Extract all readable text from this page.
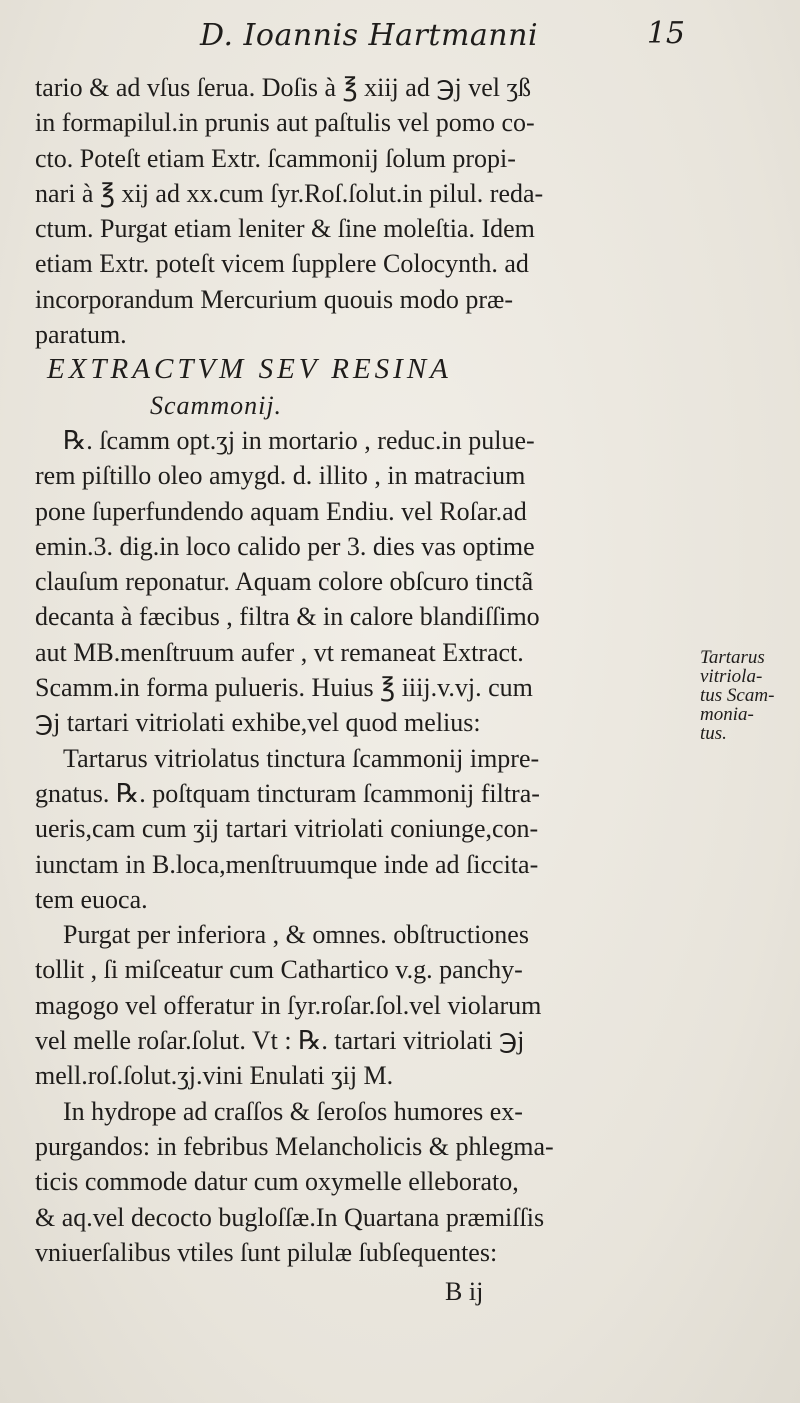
D. Ioannis Hartmanni	15
tario & ad vſus ſerua. Doſis à ℥ xiij ad ℈j vel ʒß
in formapilul.in prunis aut paſtulis vel pomo co-
cto. Poteſt etiam Extr. ſcammonij ſolum propi-
nari à ℥ xij ad xx.cum ſyr.Roſ.ſolut.in pilul. reda-
ctum. Purgat etiam leniter & ſine moleſtia. Idem
etiam Extr. poteſt vicem ſupplere Colocynth. ad
incorporandum Mercurium quouis modo præ-
paratum.
EXTRACTVM SEV RESINA
Scammonij.
℞. ſcamm opt.ʒj in mortario , reduc.in pulue-
rem piſtillo oleo amygd. d. illito , in matracium
pone ſuperfundendo aquam Endiu. vel Roſar.ad
emin.3. dig.in loco calido per 3. dies vas optime
clauſum reponatur. Aquam colore obſcuro tinctã
decanta à fæcibus , filtra & in calore blandiſſimo
aut MB.menſtruum aufer , vt remaneat Extract.
Scamm.in forma pulueris. Huius ℥ iiij.v.vj. cum
℈j tartari vitriolati exhibe,vel quod melius:
Tartarus vitriolatus tinctura ſcammonij impre-
gnatus. ℞. poſtquam tincturam ſcammonij filtra-
ueris,cam cum ʒij tartari vitriolati coniunge,con-
iunctam in B.loca,menſtruumque inde ad ſiccita-
tem euoca.
Purgat per inferiora , & omnes. obſtructiones
tollit , ſi miſceatur cum Cathartico v.g. panchy-
magogo vel offeratur in ſyr.roſar.ſol.vel violarum
vel melle roſar.ſolut. Vt : ℞. tartari vitriolati ℈j
mell.roſ.ſolut.ʒj.vini Enulati ʒij M.
In hydrope ad craſſos & ſeroſos humores ex-
purgandos: in febribus Melancholicis & phlegma-
ticis commode datur cum oxymelle elleborato,
& aq.vel decocto bugloſſæ.In Quartana præmiſſis
vniuerſalibus vtiles ſunt pilulæ ſubſequentes:
B ij
Tartarus
vitriola-
tus Scam-
monia-
tus.
